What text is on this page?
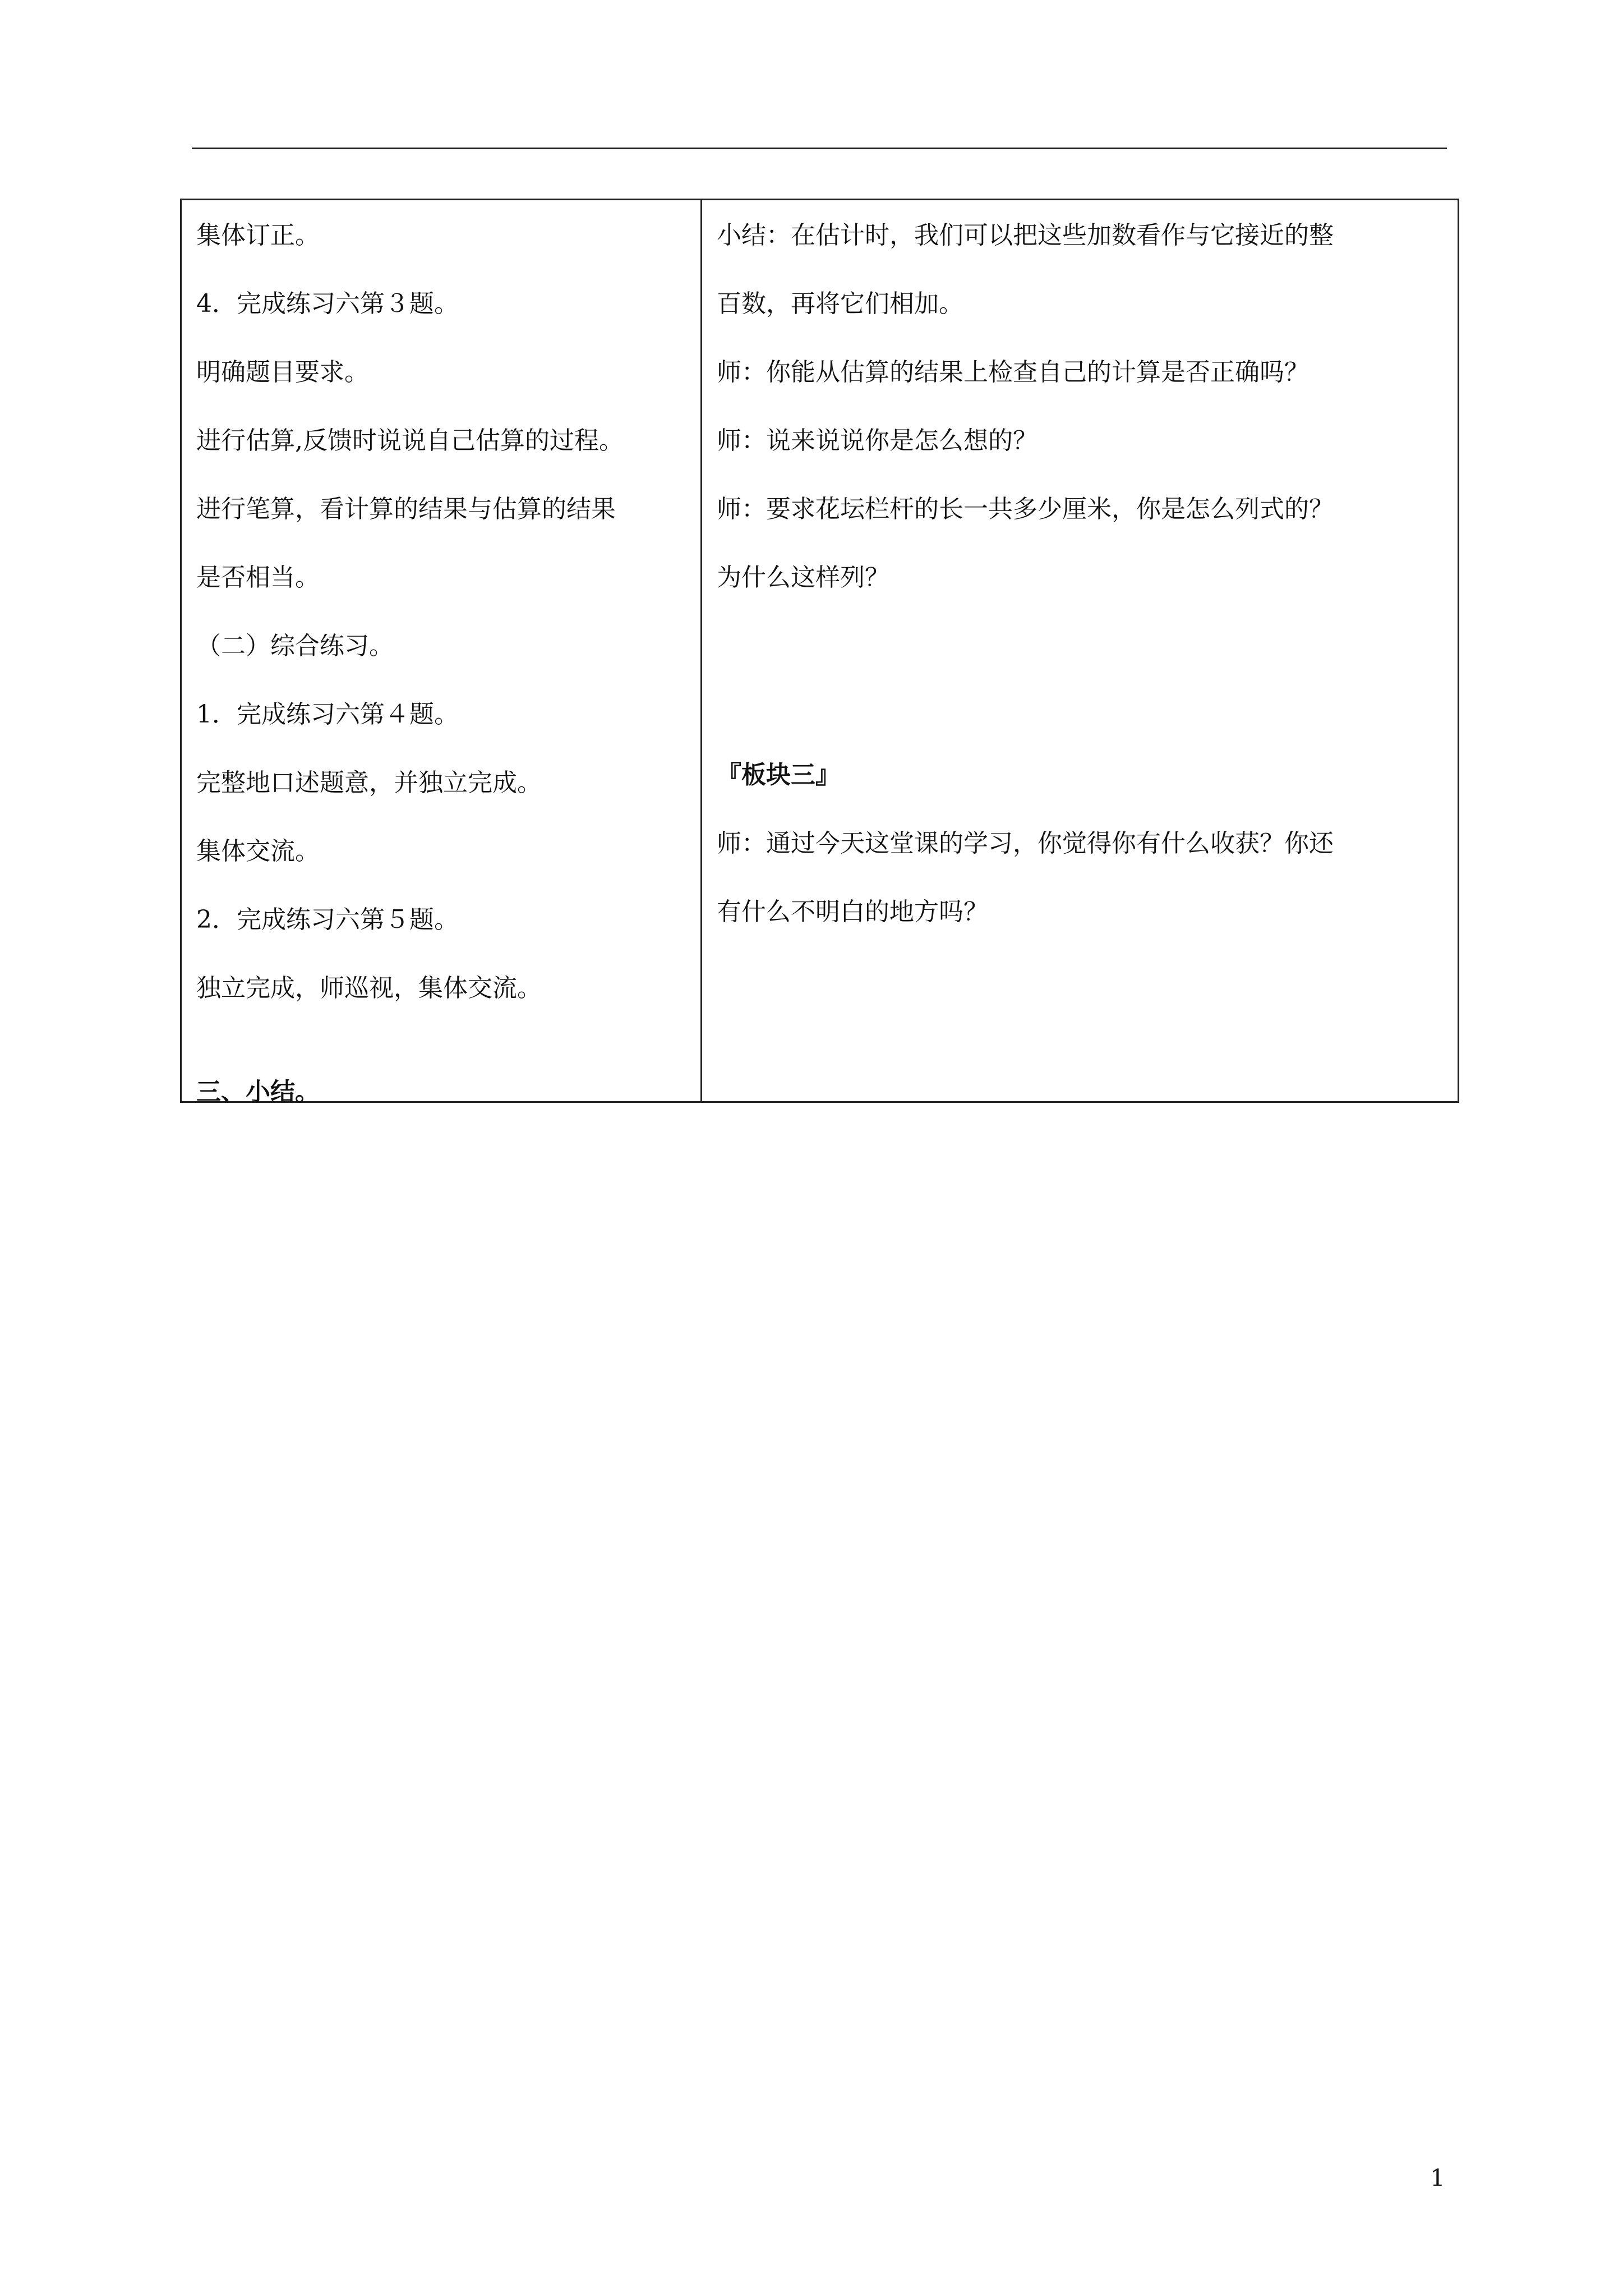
集体订正。
4．完成练习六第３题。
明确题目要求。
进行估算,反馈时说说自己估算的过程。
进行笔算，看计算的结果与估算的结果
是否相当。
（二）综合练习。
1．完成练习六第４题。
完整地口述题意，并独立完成。
集体交流。
2．完成练习六第５题。
独立完成，师巡视，集体交流。
三、小结。
小结：在估计时，我们可以把这些加数看作与它接近的整
百数，再将它们相加。
师：你能从估算的结果上检查自己的计算是否正确吗？
师：说来说说你是怎么想的？
师：要求花坛栏杆的长一共多少厘米，你是怎么列式的？
为什么这样列？
『板块三』
师：通过今天这堂课的学习，你觉得你有什么收获？你还
有什么不明白的地方吗？
1
